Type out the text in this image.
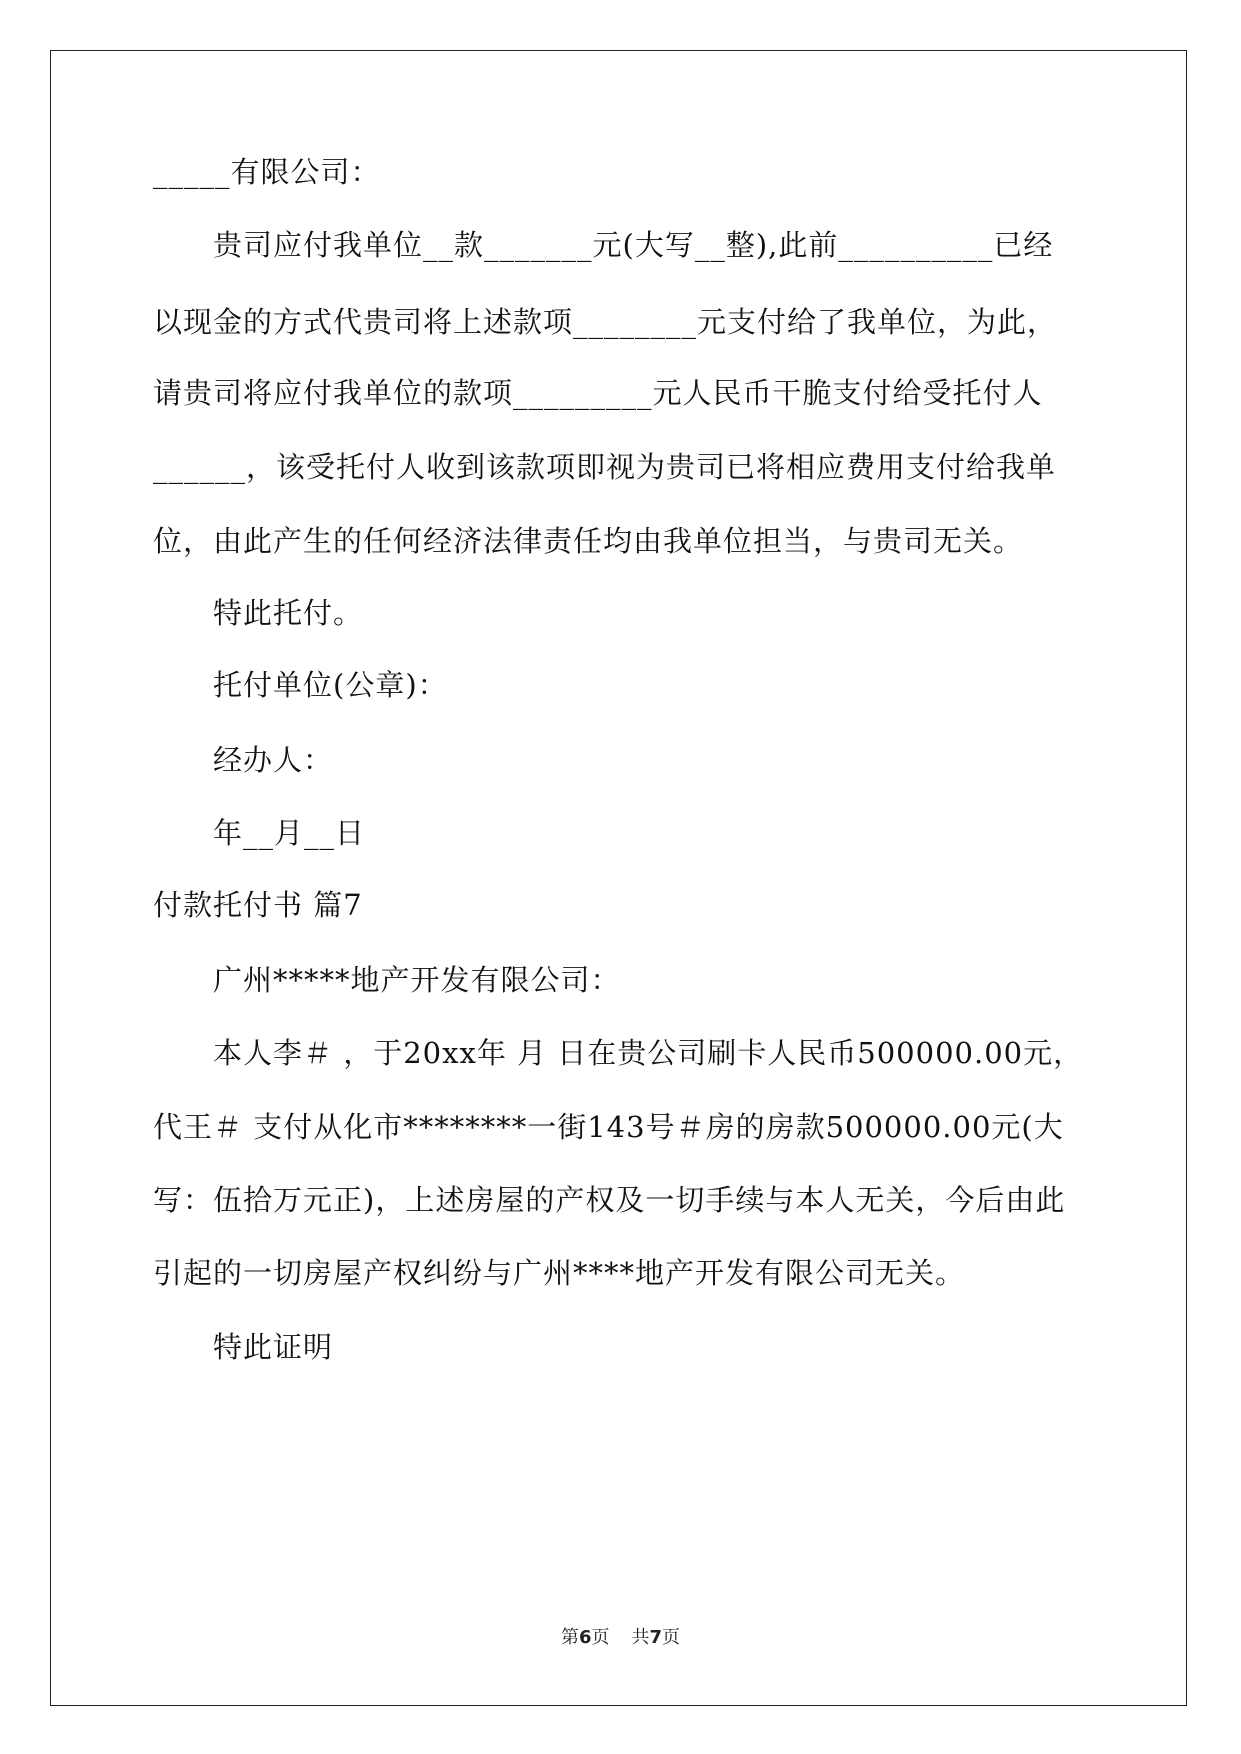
_____有限公司：
贵司应付我单位__款_______元(大写__整),此前__________已经
以现金的方式代贵司将上述款项________元支付给了我单位，为此，
请贵司将应付我单位的款项_________元人民币干脆支付给受托付人
______，该受托付人收到该款项即视为贵司已将相应费用支付给我单
位，由此产生的任何经济法律责任均由我单位担当，与贵司无关。
特此托付。
托付单位(公章)：
经办人：
年__月__日
付款托付书 篇7
广州*****地产开发有限公司：
本人李＃ ，于20xx年 月 日在贵公司刷卡人民币500000.00元，
代王＃ 支付从化市********一街143号＃房的房款500000.00元(大
写：伍拾万元正)，上述房屋的产权及一切手续与本人无关，今后由此
引起的一切房屋产权纠纷与广州****地产开发有限公司无关。
特此证明
第6页 共7页
